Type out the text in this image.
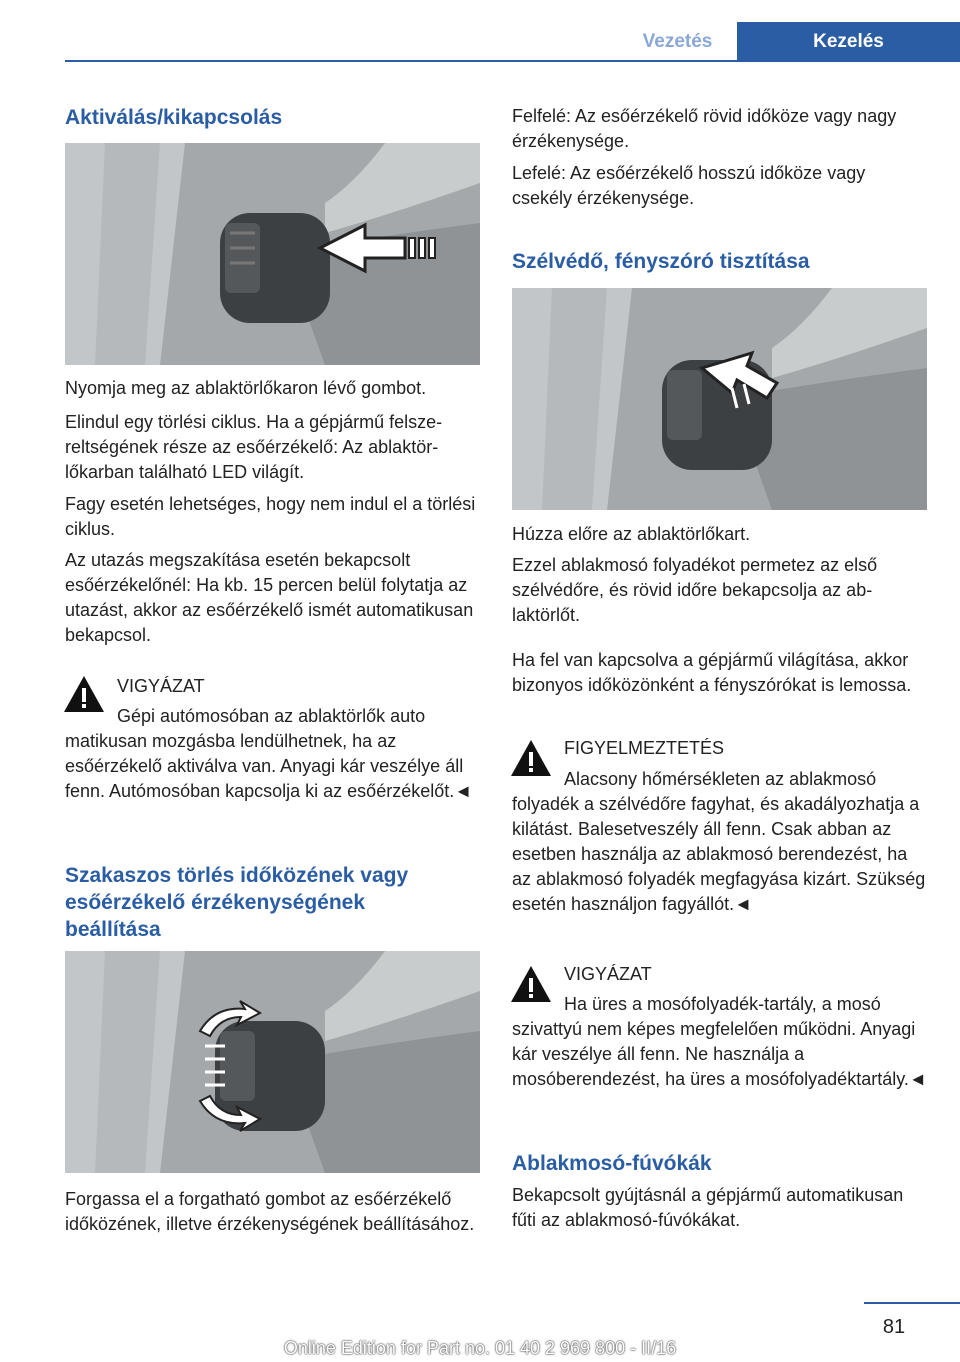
Vezetés	Kezelés
Aktiválás/kikapcsolás

Nyomja meg az ablaktörlőkaron lévő gombot.

Elindul egy törlési ciklus. Ha a gépjármű felszereltségének része az esőérzékelő: Az ablaktörlőkarban található LED világít.

Fagy esetén lehetséges, hogy nem indul el a törlési ciklus.

Az utazás megszakítása esetén bekapcsolt esőérzékelőnél: Ha kb. 15 percen belül folytatja az utazást, akkor az esőérzékelő ismét automatikusan bekapcsol.

VIGYÁZAT

Gépi autómosóban az ablaktörlők auto

matikusan mozgásba lendülhetnek, ha az esőérzékelő aktiválva van. Anyagi kár veszélye áll fenn. Autómosóban kapcsolja ki az esőérzékelőt.◄

Szakaszos törlés időközének vagy esőérzékelő érzékenységének beállítása

Forgassa el a forgatható gombot az esőérzékelő időközének, illetve érzékenységének beállításához.

Felfelé: Az esőérzékelő rövid időköze vagy nagy érzékenysége.

Lefelé: Az esőérzékelő hosszú időköze vagy csekély érzékenysége.

Szélvédő, fényszóró tisztítása

Húzza előre az ablaktörlőkart.

Ezzel ablakmosó folyadékot permetez az első szélvédőre, és rövid időre bekapcsolja az ablaktörlőt.

Ha fel van kapcsolva a gépjármű világítása, akkor bizonyos időközönként a fényszórókat is lemossa.

FIGYELMEZTETÉS

Alacsony hőmérsékleten az ablakmosó

folyadék a szélvédőre fagyhat, és akadályozhatja a kilátást. Balesetveszély áll fenn. Csak abban az esetben használja az ablakmosó berendezést, ha az ablakmosó folyadék megfagyása kizárt. Szükség esetén használjon fagyállót.◄

VIGYÁZAT

Ha üres a mosófolyadék-tartály, a mosó

szivattyú nem képes megfelelően működni. Anyagi kár veszélye áll fenn. Ne használja a mosóberendezést, ha üres a mosófolyadéktartály.◄

Ablakmosó-fúvókák

Bekapcsolt gyújtásnál a gépjármű automatikusan fűti az ablakmosó-fúvókákat.

81
Online Edition for Part no. 01 40 2 969 800 - II/16
